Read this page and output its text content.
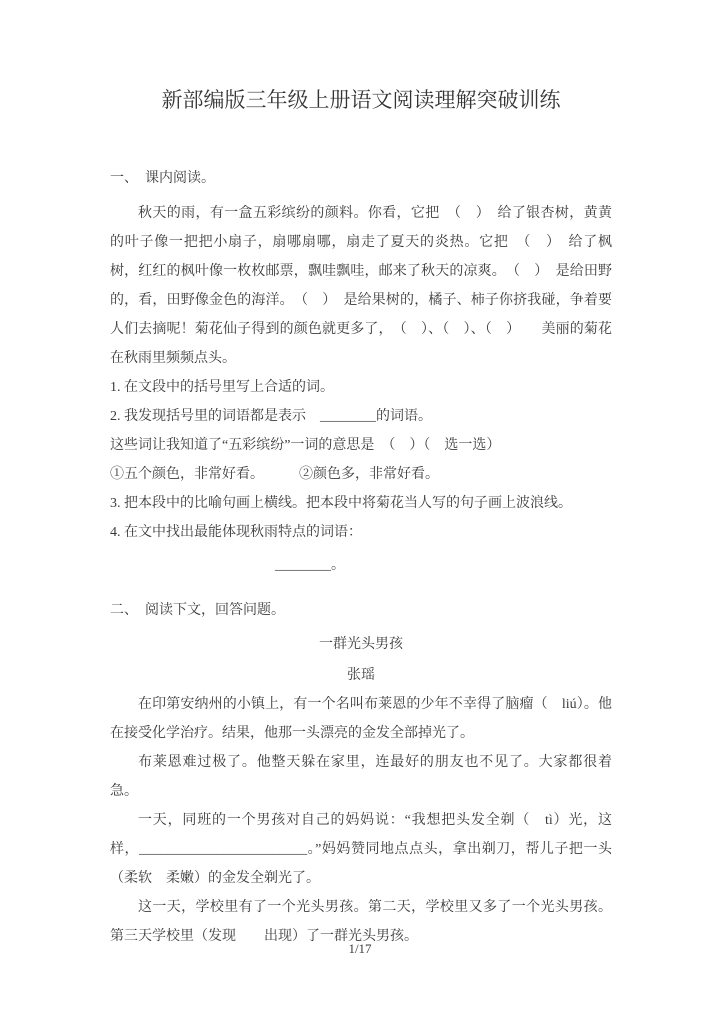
新部编版三年级上册语文阅读理解突破训练

一、　课内阅读。

秋天的雨，有一盒五彩缤纷的颜料。你看，它把　（　）　给了银杏树，黄黄的叶子像一把把小扇子，扇哪扇哪，扇走了夏天的炎热。它把　（　）　给了枫树，红红的枫叶像一枚枚邮票，飘哇飘哇，邮来了秋天的凉爽。　（　）　是给田野的，看，田野像金色的海洋。　（　）　是给果树的，橘子、柿子你挤我碰，争着要人们去摘呢！菊花仙子得到的颜色就更多了，　（　）、（　）、（　）　　美丽的菊花在秋雨里频频点头。

1. 在文段中的括号里写上合适的词。

2. 我发现括号里的词语都是表示　________的词语。

这些词让我知道了“五彩缤纷”一词的意思是　（　）（　选一选）

①五个颜色，非常好看。　　　②颜色多，非常好看。

3. 把本段中的比喻句画上横线。把本段中将菊花当人写的句子画上波浪线。

4. 在文中找出最能体现秋雨特点的词语：

________。

二、　阅读下文，回答问题。

一群光头男孩

张瑶

在印第安纳州的小镇上，有一个名叫布莱恩的少年不幸得了脑瘤（　liú）。他在接受化学治疗。结果，他那一头漂亮的金发全部掉光了。

布莱恩难过极了。他整天躲在家里，连最好的朋友也不见了。大家都很着急。

一天，同班的一个男孩对自己的妈妈说：“我想把头发全剃（　tì）光，这样，________________________。”妈妈赞同地点点头，拿出剃刀，帮儿子把一头（柔软　柔嫩）的金发全剃光了。

这一天，学校里有了一个光头男孩。第二天，学校里又多了一个光头男孩。第三天学校里（发现　　出现）了一群光头男孩。

1/17
